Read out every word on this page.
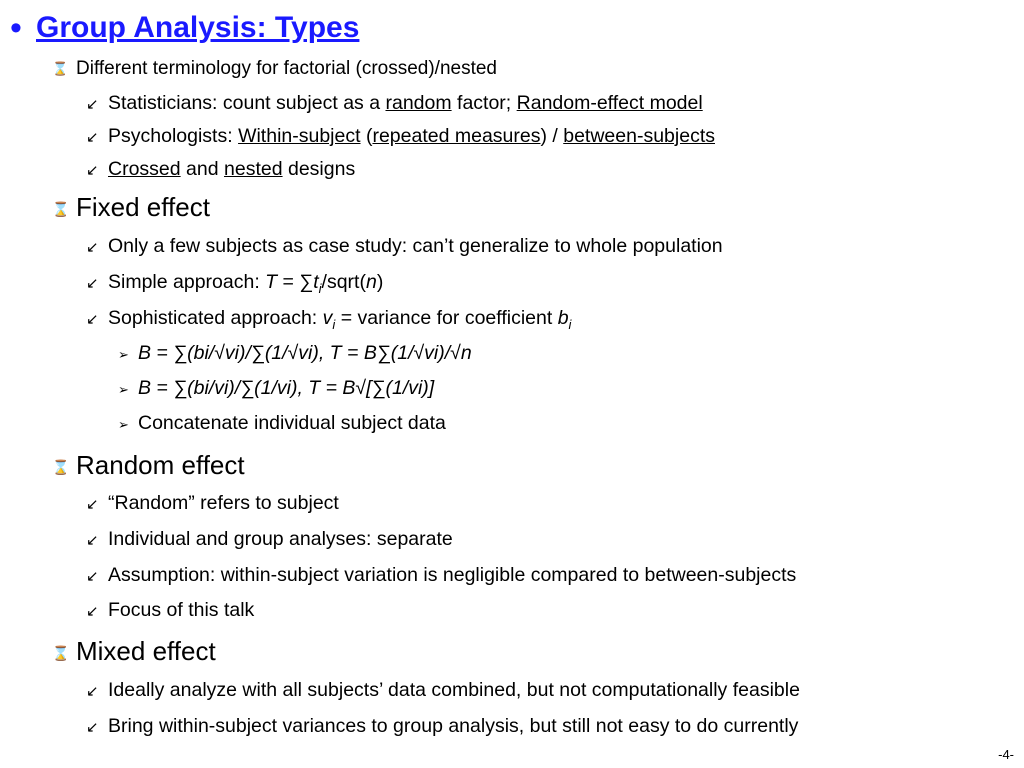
• Group Analysis: Types
⌛ Different terminology for factorial (crossed)/nested
↙ Statisticians: count subject as a random factor; Random-effect model
↙ Psychologists: Within-subject (repeated measures) / between-subjects
↙ Crossed and nested designs
⌛ Fixed effect
↙ Only a few subjects as case study: can’t generalize to whole population
↙ Simple approach: $T = \sum t_i/sqrt(n)$
↙ Sophisticated approach: $v_i$ = variance for coefficient $b_i$
➢ B = ∑(bi/√vi)/∑(1/√vi), T = B∑(1/√vi)/√n
➢ B = ∑(bi/vi)/∑(1/vi), T = B√[∑(1/vi)]
➢ Concatenate individual subject data
⌛ Random effect
↙ “Random” refers to subject
↙ Individual and group analyses: separate
↙ Assumption: within-subject variation is negligible compared to between-subjects
↙ Focus of this talk
⌛ Mixed effect
↙ Ideally analyze with all subjects’ data combined, but not computationally feasible
↙ Bring within-subject variances to group analysis, but still not easy to do currently
-4-
